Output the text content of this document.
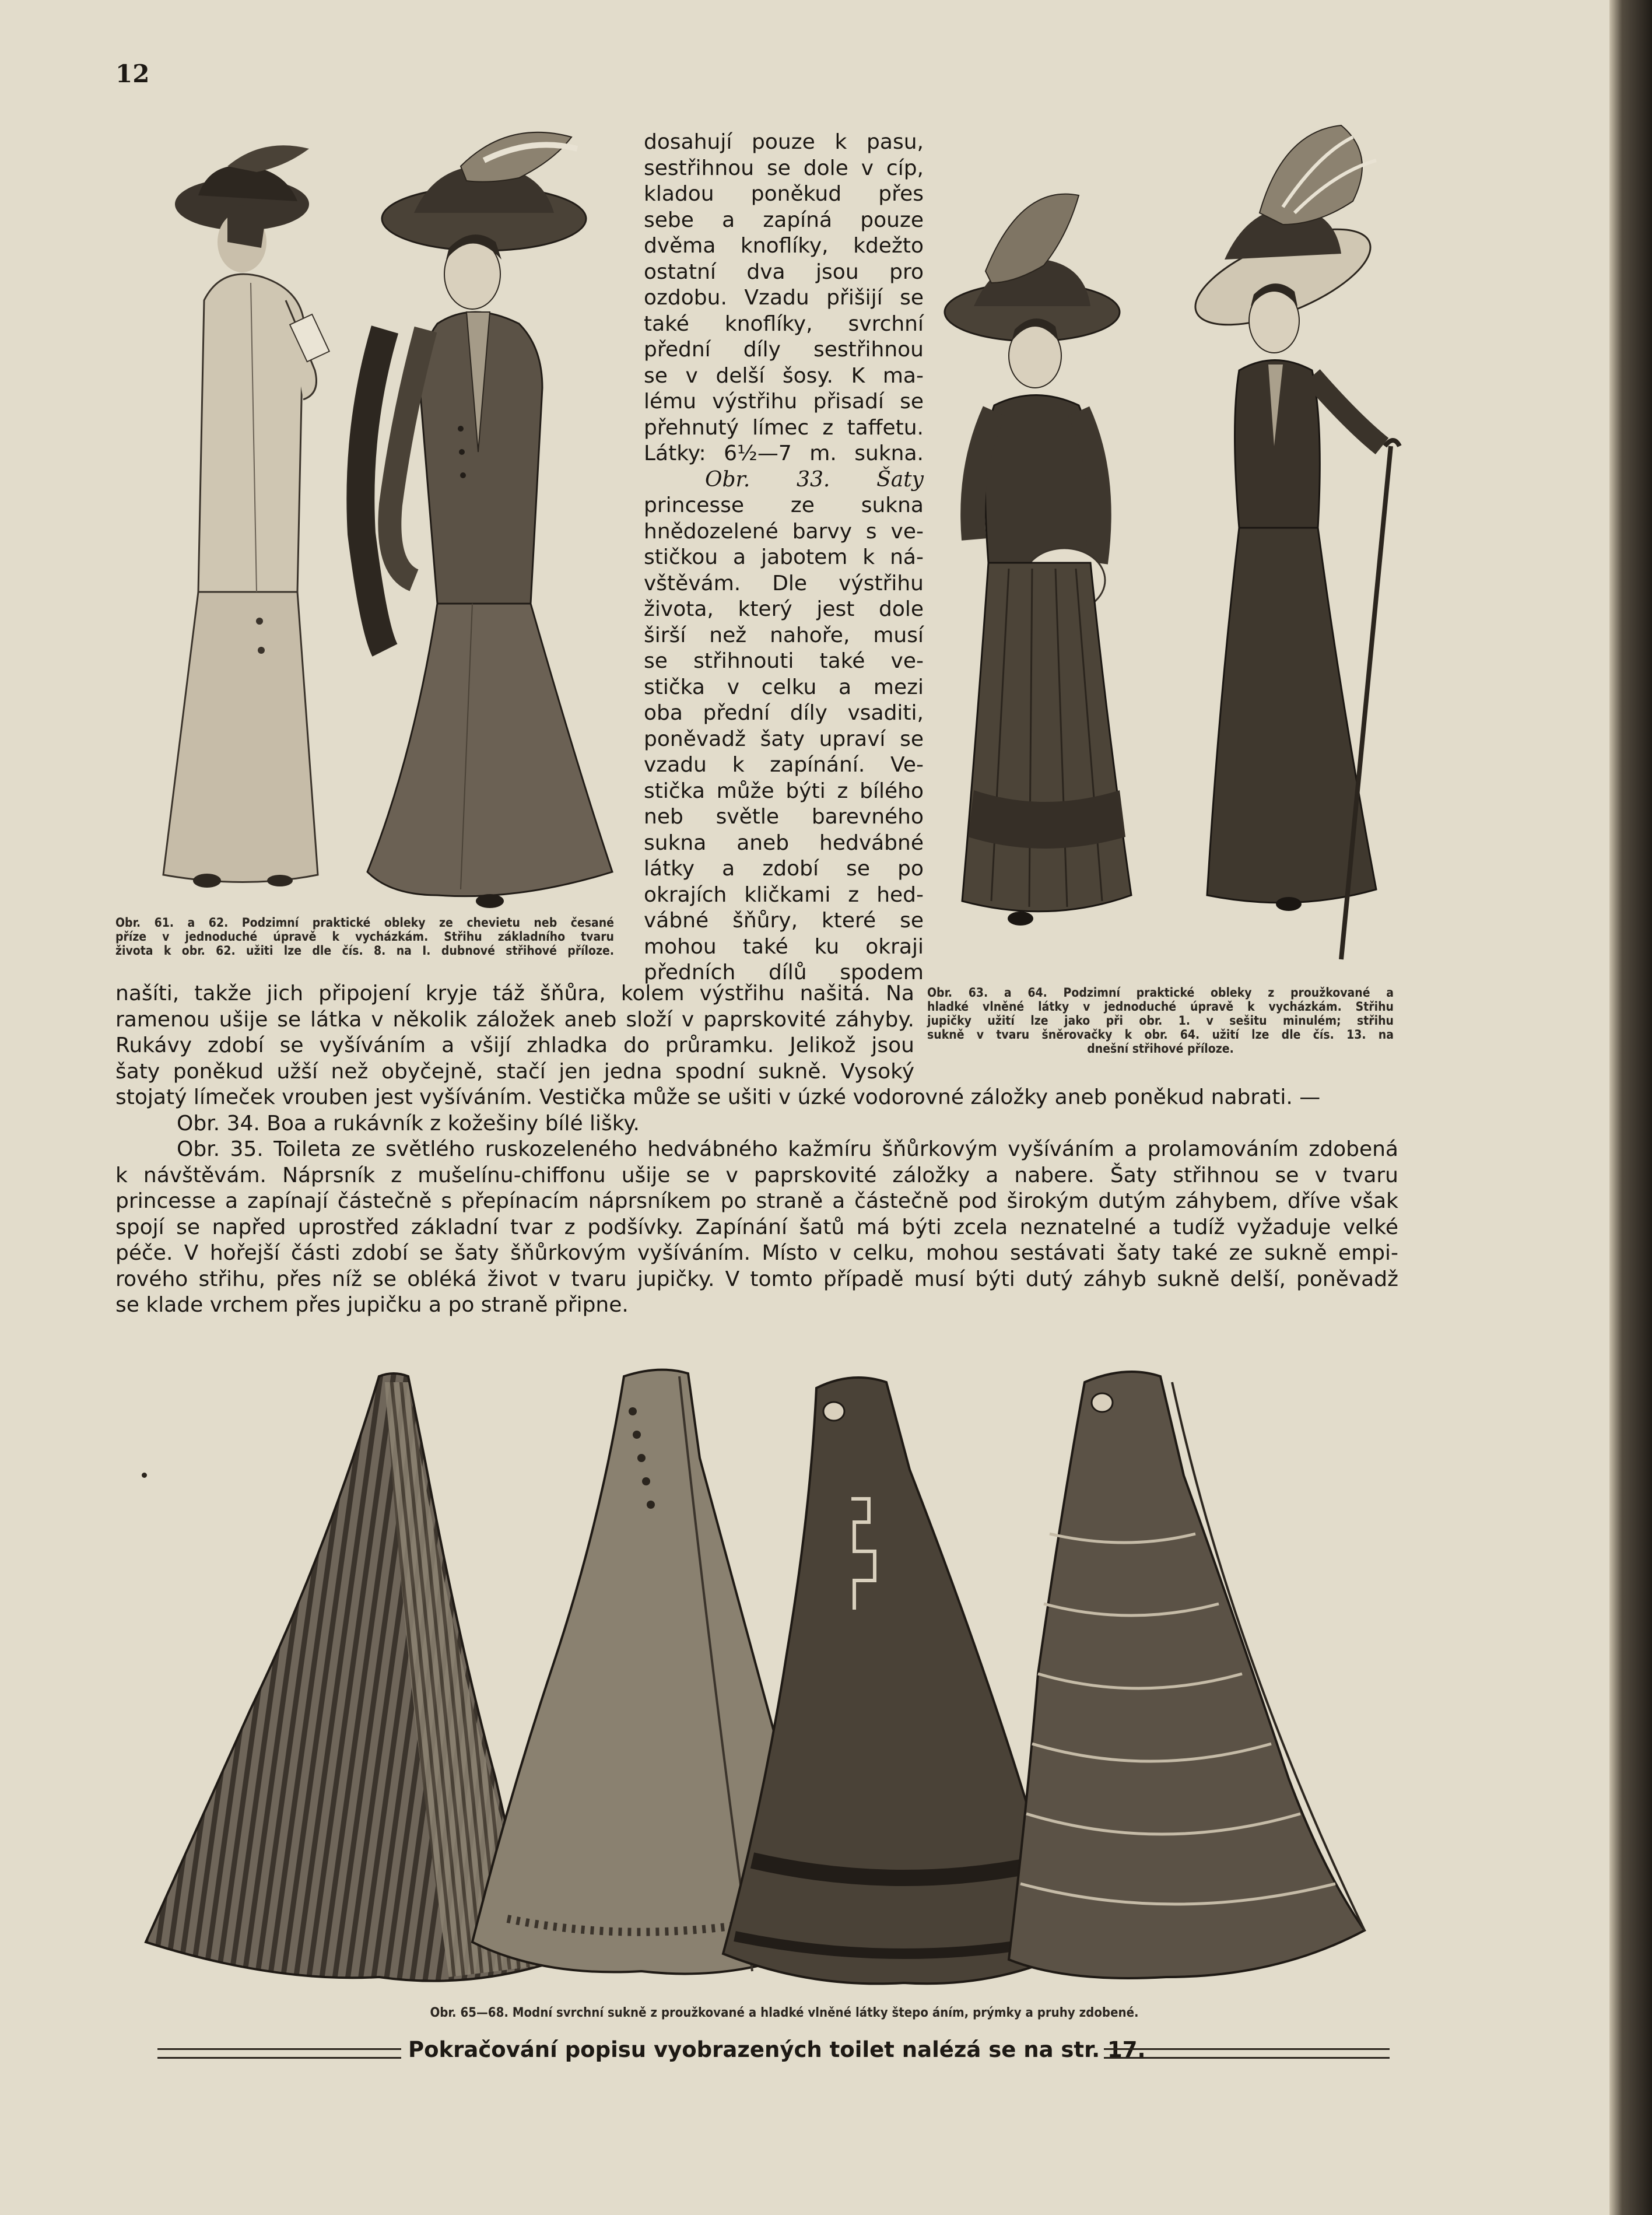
12
dosahují pouze k pasu,
sestřihnou se dole v cíp,
kladou poněkud přes
sebe a zapíná pouze
dvěma knoflíky, kdežto
ostatní dva jsou pro
ozdobu. Vzadu přišijí se
také knoflíky, svrchní
přední díly sestřihnou
se v delší šosy. K ma-
lému výstřihu přisadí se
přehnutý límec z taffetu.
Látky: 6½—7 m. sukna.
Obr. 33. Šaty
princesse ze sukna
hnědozelené barvy s ve-
stičkou a jabotem k ná-
vštěvám. Dle výstřihu
života, který jest dole
širší než nahoře, musí
se střihnouti také ve-
stička v celku a mezi
oba přední díly vsaditi,
poněvadž šaty upraví se
vzadu k zapínání. Ve-
stička může býti z bílého
neb světle barevného
sukna aneb hedvábné
látky a zdobí se po
okrajích kličkami z hed-
vábné šňůry, které se
mohou také ku okraji
předních dílů spodem
Obr. 61. a 62. Podzimní praktické obleky ze chevietu neb česané
příze v jednoduché úpravě k vycházkám. Střihu základního tvaru
života k obr. 62. užiti lze dle čís. 8. na I. dubnové střihové příloze.
Obr. 63. a 64. Podzimní praktické obleky z proužkované a
hladké vlněné látky v jednoduché úpravě k vycházkám. Střihu
jupičky užití lze jako při obr. 1. v sešitu minulém; střihu
sukně v tvaru šněrovačky k obr. 64. užití lze dle čís. 13. na
dnešní střihové příloze.
našíti, takže jich připojení kryje táž šňůra, kolem výstřihu našitá. Na
ramenou ušije se látka v několik záložek aneb složí v paprskovité záhyby.
Rukávy zdobí se vyšíváním a všijí zhladka do průramku. Jelikož jsou
šaty poněkud užší než obyčejně, stačí jen jedna spodní sukně. Vysoký
stojatý límeček vrouben jest vyšíváním. Vestička může se ušiti v úzké vodorovné záložky aneb poněkud nabrati. —
Obr. 34. Boa a rukávník z kožešiny bílé lišky.
Obr. 35. Toileta ze světlého ruskozeleného hedvábného kažmíru šňůrkovým vyšíváním a prolamováním zdobená
k návštěvám. Náprsník z mušelínu-chiffonu ušije se v paprskovité záložky a nabere. Šaty střihnou se v tvaru
princesse a zapínají částečně s přepínacím náprsníkem po straně a částečně pod širokým dutým záhybem, dříve však
spojí se napřed uprostřed základní tvar z podšívky. Zapínání šatů má býti zcela neznatelné a tudíž vyžaduje velké
péče. V hořejší části zdobí se šaty šňůrkovým vyšíváním. Místo v celku, mohou sestávati šaty také ze sukně empi-
rového střihu, přes níž se obléká život v tvaru jupičky. V tomto případě musí býti dutý záhyb sukně delší, poněvadž
se klade vrchem přes jupičku a po straně připne.
Obr. 65—68. Modní svrchní sukně z proužkované a hladké vlněné látky štepo áním, prýmky a pruhy zdobené.
Pokračování popisu vyobrazených toilet nalézá se na str. 17.
